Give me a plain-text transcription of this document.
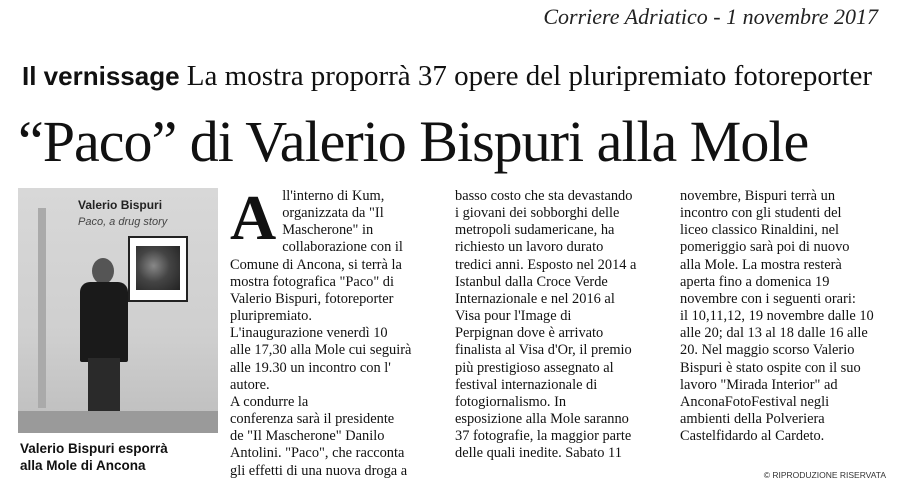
Corriere Adriatico - 1 novembre 2017
Il vernissage La mostra proporrà 37 opere del pluripremiato fotoreporter
“Paco” di Valerio Bispuri alla Mole
Valerio Bispuri
Paco, a drug story
Valerio Bispuri esporrà
alla Mole di Ancona
A ll'interno di Kum,
organizzata da "Il
Mascherone" in
collaborazione con il
Comune di Ancona, si terrà la
mostra fotografica "Paco" di
Valerio Bispuri, fotoreporter
pluripremiato.
L'inaugurazione venerdì 10
alle 17,30 alla Mole cui seguirà
alle 19.30 un incontro con l'
autore.
A condurre la
conferenza sarà il presidente
de "Il Mascherone" Danilo
Antolini. "Paco", che racconta
gli effetti di una nuova droga a
basso costo che sta devastando
i giovani dei sobborghi delle
metropoli sudamericane, ha
richiesto un lavoro durato
tredici anni. Esposto nel 2014 a
Istanbul dalla Croce Verde
Internazionale e nel 2016 al
Visa pour l'Image di
Perpignan dove è arrivato
finalista al Visa d'Or, il premio
più prestigioso assegnato al
festival internazionale di
fotogiornalismo. In
esposizione alla Mole saranno
37 fotografie, la maggior parte
delle quali inedite. Sabato 11
novembre, Bispuri terrà un
incontro con gli studenti del
liceo classico Rinaldini, nel
pomeriggio sarà poi di nuovo
alla Mole. La mostra resterà
aperta fino a domenica 19
novembre con i seguenti orari:
il 10,11,12, 19 novembre dalle 10
alle 20; dal 13 al 18 dalle 16 alle
20. Nel maggio scorso Valerio
Bispuri è stato ospite con il suo
lavoro "Mirada Interior" ad
AnconaFotoFestival negli
ambienti della Polveriera
Castelfidardo al Cardeto.
© RIPRODUZIONE RISERVATA
